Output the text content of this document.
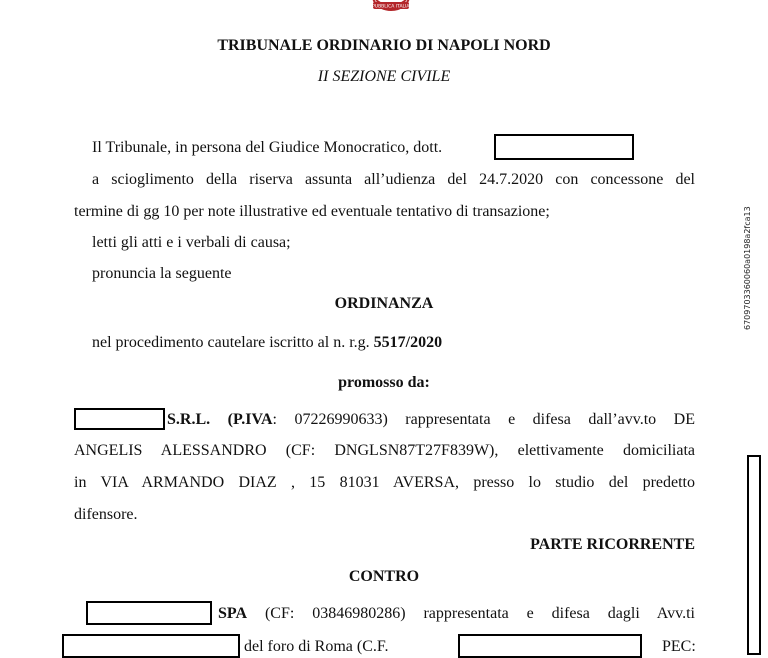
REPUBBLICA ITALIANA
TRIBUNALE ORDINARIO DI NAPOLI NORD
II SEZIONE CIVILE
Il Tribunale, in persona del Giudice Monocratico, dott.
a scioglimento della riserva assunta all’udienza del 24.7.2020 con concessone del
termine di gg 10 per note illustrative ed eventuale tentativo di transazione;
letti gli atti e i verbali di causa;
pronuncia la seguente
ORDINANZA
nel procedimento cautelare iscritto al n. r.g. 5517/2020
promosso da:
S.R.L. (P.IVA: 07226990633) rappresentata e difesa dall’avv.to DE
ANGELIS ALESSANDRO (CF: DNGLSN87T27F839W), elettivamente domiciliata
in VIA ARMANDO DIAZ , 15 81031 AVERSA, presso lo studio del predetto
difensore.
PARTE RICORRENTE
CONTRO
SPA (CF: 03846980286) rappresentata e difesa dagli Avv.ti
del foro di Roma (C.F.	PEC:
6709703360060a0198a2fca13
